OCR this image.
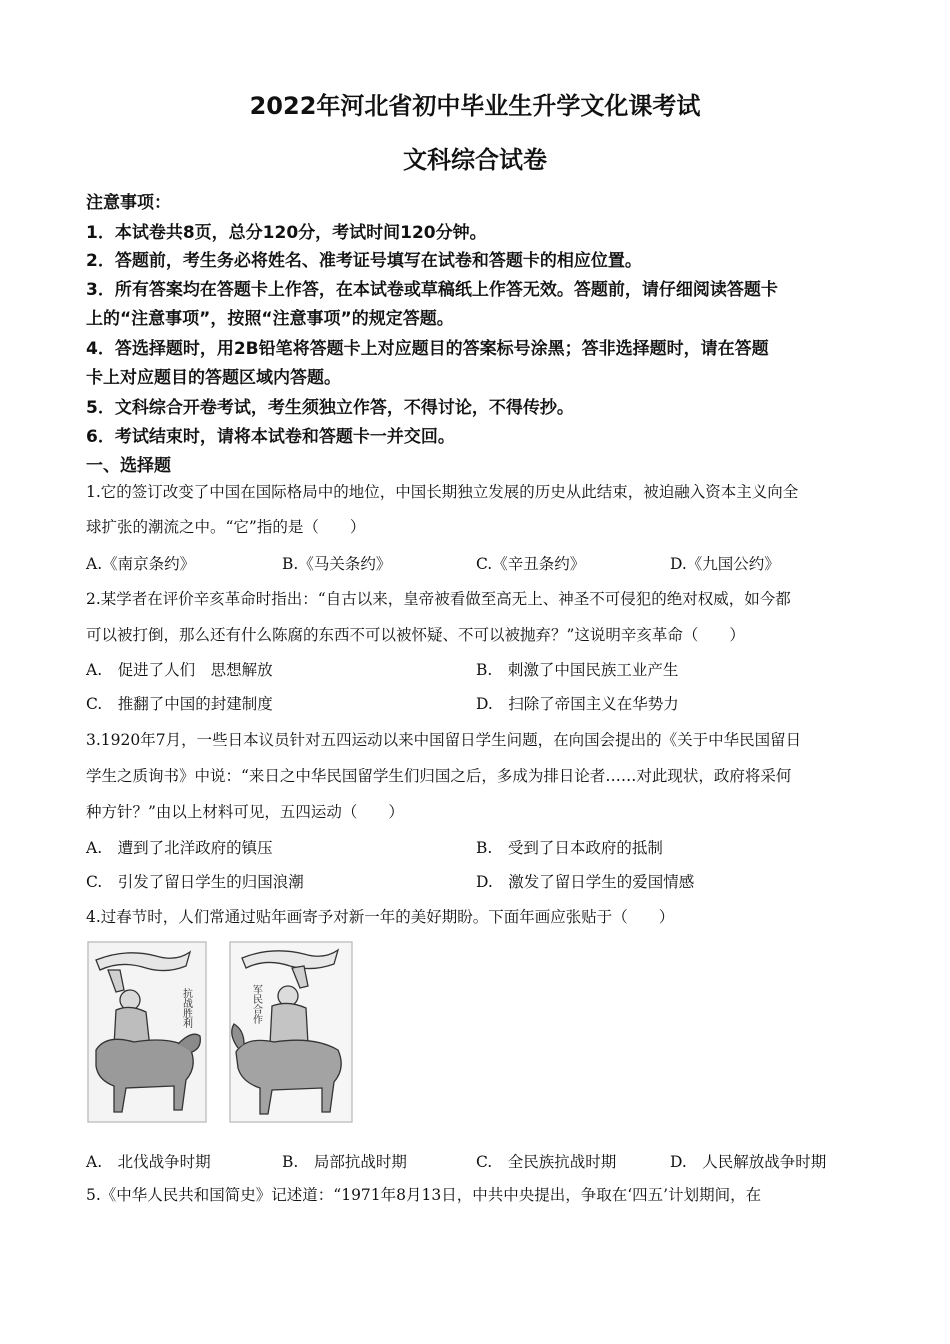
2022年河北省初中毕业生升学文化课考试
文科综合试卷
注意事项：
1．本试卷共8页，总分120分，考试时间120分钟。
2．答题前，考生务必将姓名、准考证号填写在试卷和答题卡的相应位置。
3．所有答案均在答题卡上作答，在本试卷或草稿纸上作答无效。答题前，请仔细阅读答题卡
上的“注意事项”，按照“注意事项”的规定答题。
4．答选择题时，用2B铅笔将答题卡上对应题目的答案标号涂黑；答非选择题时，请在答题
卡上对应题目的答题区域内答题。
5．文科综合开卷考试，考生须独立作答，不得讨论，不得传抄。
6．考试结束时，请将本试卷和答题卡一并交回。
一、选择题
1.它的签订改变了中国在国际格局中的地位，中国长期独立发展的历史从此结束，被迫融入资本主义向全
球扩张的潮流之中。“它”指的是（　　）
A.《南京条约》	B.《马关条约》	C.《辛丑条约》	D.《九国公约》
2.某学者在评价辛亥革命时指出：“自古以来，皇帝被看做至高无上、神圣不可侵犯的绝对权威，如今都
可以被打倒，那么还有什么陈腐的东西不可以被怀疑、不可以被抛弃？”这说明辛亥革命（　　）
A.　促进了人们　思想解放	B.　刺激了中国民族工业产生
C.　推翻了中国的封建制度	D.　扫除了帝国主义在华势力
3.1920年7月，一些日本议员针对五四运动以来中国留日学生问题，在向国会提出的《关于中华民国留日
学生之质询书》中说：“来日之中华民国留学生们归国之后，多成为排日论者……对此现状，政府将采何
种方针？”由以上材料可见，五四运动（　　）
A.　遭到了北洋政府的镇压	B.　受到了日本政府的抵制
C.　引发了留日学生的归国浪潮	D.　激发了留日学生的爱国情感
4.过春节时，人们常通过贴年画寄予对新一年的美好期盼。下面年画应张贴于（　　）
抗战胜利	军民合作
A.　北伐战争时期	B.　局部抗战时期	C.　全民族抗战时期	D.　人民解放战争时期
5.《中华人民共和国简史》记述道：“1971年8月13日，中共中央提出，争取在‘四五’计划期间，在
